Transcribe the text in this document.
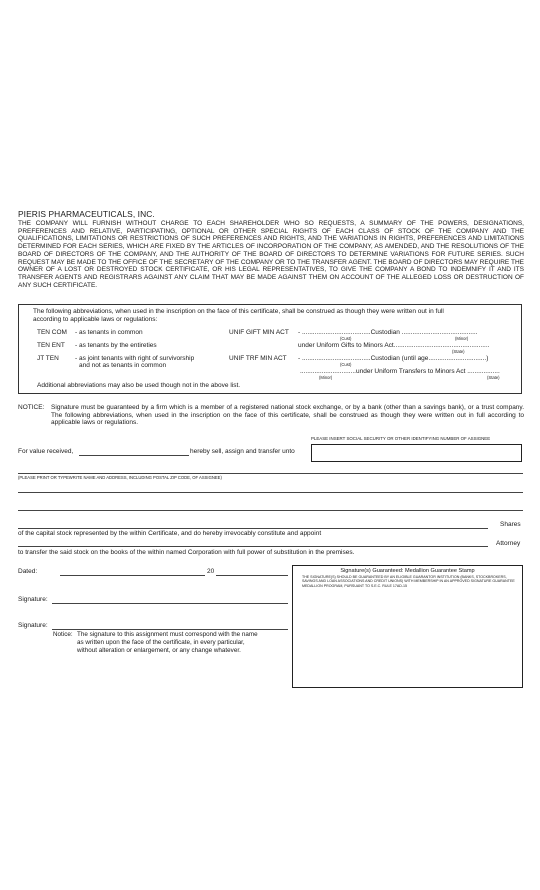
PIERIS PHARMACEUTICALS, INC.
THE COMPANY WILL FURNISH WITHOUT CHARGE TO EACH SHAREHOLDER WHO SO REQUESTS, A SUMMARY OF THE POWERS, DESIGNATIONS, PREFERENCES AND RELATIVE, PARTICIPATING, OPTIONAL OR OTHER SPECIAL RIGHTS OF EACH CLASS OF STOCK OF THE COMPANY AND THE QUALIFICATIONS, LIMITATIONS OR RESTRICTIONS OF SUCH PREFERENCES AND RIGHTS, AND THE VARIATIONS IN RIGHTS, PREFERENCES AND LIMITATIONS DETERMINED FOR EACH SERIES, WHICH ARE FIXED BY THE ARTICLES OF INCORPORATION OF THE COMPANY, AS AMENDED, AND THE RESOLUTIONS OF THE BOARD OF DIRECTORS OF THE COMPANY, AND THE AUTHORITY OF THE BOARD OF DIRECTORS TO DETERMINE VARIATIONS FOR FUTURE SERIES. SUCH REQUEST MAY BE MADE TO THE OFFICE OF THE SECRETARY OF THE COMPANY OR TO THE TRANSFER AGENT. THE BOARD OF DIRECTORS MAY REQUIRE THE OWNER OF A LOST OR DESTROYED STOCK CERTIFICATE, OR HIS LEGAL REPRESENTATIVES, TO GIVE THE COMPANY A BOND TO INDEMNIFY IT AND ITS TRANSFER AGENTS AND REGISTRARS AGAINST ANY CLAIM THAT MAY BE MADE AGAINST THEM ON ACCOUNT OF THE ALLEGED LOSS OR DESTRUCTION OF ANY SUCH CERTIFICATE.
The following abbreviations, when used in the inscription on the face of this certificate, shall be construed as though they were written out in full
according to applicable laws or regulations:
TEN COM - as tenants in common
TEN ENT - as tenants by the entireties
JT TEN - as joint tenants with right of survivorship
and not as tenants in common
UNIF GIFT MIN ACT - ......................................Custodian ..........................................
(Cust)	(Minor)
under Uniform Gifts to Minors Act.....................................................
(State)
UNIF TRF MIN ACT - ......................................Custodian (until age................................)
(Cust)
...............................under Uniform Transfers to Minors Act ..................
(Minor)	(State)
Additional abbreviations may also be used though not in the above list.
NOTICE: Signature must be guaranteed by a firm which is a member of a registered national stock exchange, or by a bank (other than a savings bank), or a trust company. The following abbreviations, when used in the inscription on the face of this certificate, shall be construed as though they were written out in full according to applicable laws or regulations.
PLEASE INSERT SOCIAL SECURITY OR OTHER IDENTIFYING NUMBER OF ASSIGNEE
For value received,	hereby sell, assign and transfer unto
(PLEASE PRINT OR TYPEWRITE NAME AND ADDRESS, INCLUDING POSTAL ZIP CODE, OF ASSIGNEE)
Shares
of the capital stock represented by the within Certificate, and do hereby irrevocably constitute and appoint
Attorney
to transfer the said stock on the books of the within named Corporation with full power of substitution in the premises.
Dated:	20
Signature:
Signature:
Notice: The signature to this assignment must correspond with the name
as written upon the face of the certificate, in every particular,
without alteration or enlargement, or any change whatever.
Signature(s) Guaranteed: Medallion Guarantee Stamp
THE SIGNATURE(S) SHOULD BE GUARANTEED BY AN ELIGIBLE GUARANTOR INSTITUTION (BANKS, STOCKBROKERS, SAVINGS AND LOAN ASSOCIATIONS AND CREDIT UNIONS) WITH MEMBERSHIP IN AN APPROVED SIGNATURE GUARANTEE MEDALLION PROGRAM, PURSUANT TO S.E.C. RULE 17AD-15
